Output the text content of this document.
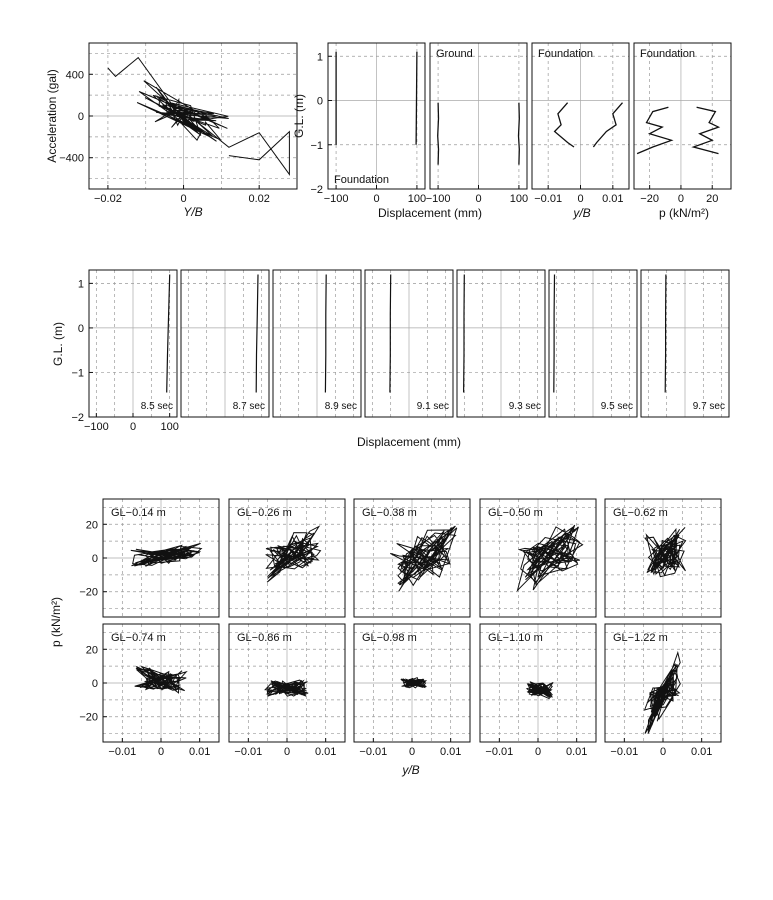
−0.02	0	0.02
−400
0
400
Y/B
Acceleration (gal)
−100 0	100
−2
−1
0
1
Foundation
−100 0	100
Ground
−0.01 0 0.01
Foundation
−20 0 20
Foundation
Displacement (mm)	y/B	p (kN/m²)
G.L. (m)
−100 0 100
−2
−1
0
1
8.5 sec	8.7 sec	8.9 sec	9.1 sec	9.3 sec	9.5 sec	9.7 sec
Displacement (mm)
G.L. (m)
−20
0
20
GL−0.14 m	GL−0.26 m	GL−0.38 m	GL−0.50 m	GL−0.62 m
−0.01 0 0.01
−20
0
20
GL−0.74 m
−0.01 0 0.01
GL−0.86 m
−0.01 0 0.01
GL−0.98 m
−0.01 0 0.01
GL−1.10 m
−0.01 0 0.01
GL−1.22 m
y/B
p (kN/m²)
